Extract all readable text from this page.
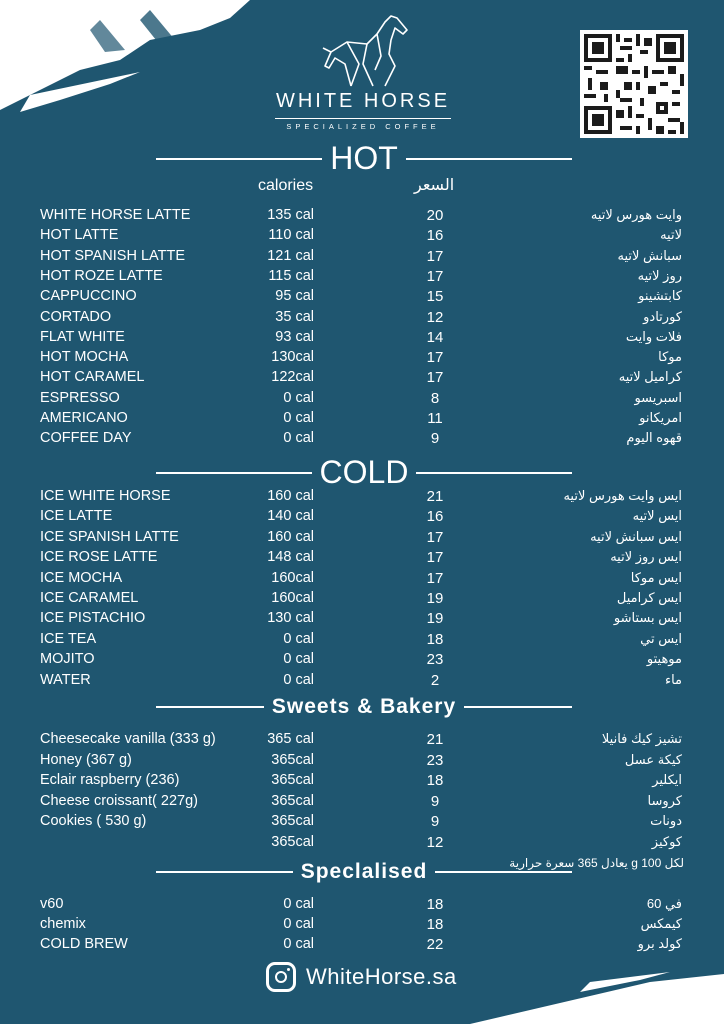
WHITE HORSE
SPECIALIZED COFFEE
HOT
calories	السعر
WHITE HORSE LATTE	135 cal	20	وايت هورس لاتيه
HOT LATTE	110 cal	16	لاتيه
HOT SPANISH LATTE	121 cal	17	سبانش لاتيه
HOT ROZE LATTE	115 cal	17	روز لاتيه
CAPPUCCINO	95 cal	15	كابتشينو
CORTADO	35 cal	12	كورتادو
FLAT WHITE	93 cal	14	فلات وايت
HOT MOCHA	130cal	17	موكا
HOT CARAMEL	122cal	17	كراميل لاتيه
ESPRESSO	0 cal	8	اسبريسو
AMERICANO	0 cal	11	امريكانو
COFFEE DAY	0 cal	9	قهوه اليوم
COLD
ICE WHITE HORSE	160 cal	21	ايس وايت هورس لاتيه
ICE LATTE	140 cal	16	ايس لاتيه
ICE SPANISH LATTE	160 cal	17	ايس سبانش لاتيه
ICE ROSE LATTE	148 cal	17	ايس روز لاتيه
ICE MOCHA	160cal	17	ايس موكا
ICE CARAMEL	160cal	19	ايس كراميل
ICE PISTACHIO	130 cal	19	ايس بستاشو
ICE TEA	0 cal	18	ايس تي
MOJITO	0 cal	23	موهيتو
WATER	0 cal	2	ماء
Sweets & Bakery
Cheesecake vanilla (333 g)	365 cal	21	تشيز كيك فانيلا
Honey (367 g)	365cal	23	كيكة عسل
Eclair raspberry (236)	365cal	18	ايكلير
Cheese croissant( 227g)	365cal	9	كروسا
Cookies ( 530 g)	365cal	9	دونات
365cal	12	كوكيز
لكل 100 g يعادل 365 سعرة حرارية
Speclalised
v60	0 cal	18	في 60
chemix	0 cal	18	كيمكس
COLD BREW	0 cal	22	كولد برو
WhiteHorse.sa
